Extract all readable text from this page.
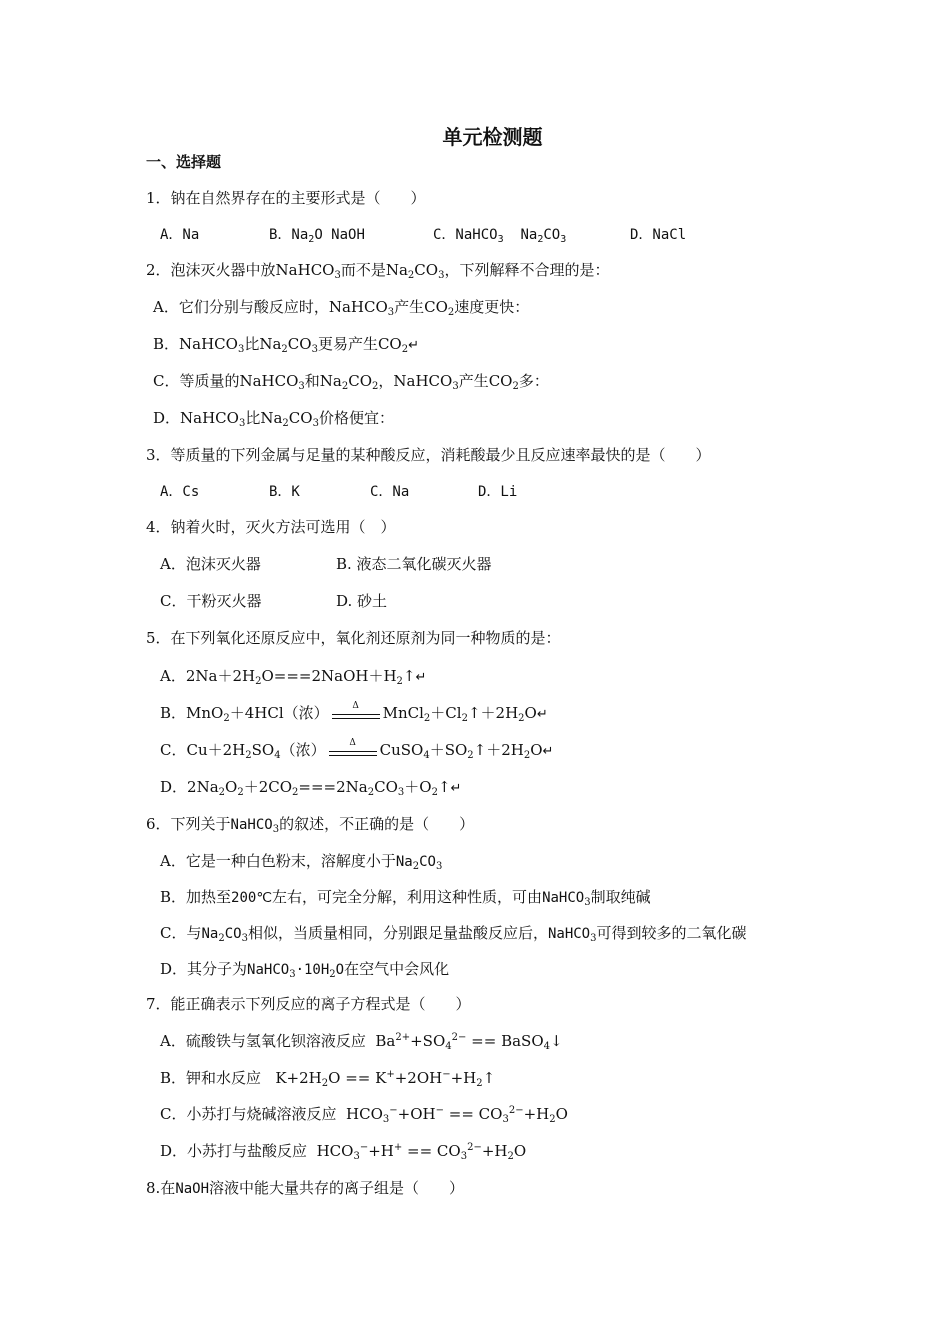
单元检测题
一、选择题
1．钠在自然界存在的主要形式是（　　）
A．Na	B．$Na_2O$ NaOH	C．NaHCO$_3$ $Na_2CO_3$	D．NaCl
2．泡沫灭火器中放NaHCO$_3$而不是$Na_2CO_3$，下列解释不合理的是：
A．它们分别与酸反应时，NaHCO$_3$产生$CO_2$速度更快：
B．NaHCO$_3$比$Na_2CO_3$更易产生$CO_2↵$
C．等质量的NaHCO$_3$和$Na_2CO_2$，NaHCO$_3$产生$CO_2$多：
D．NaHCO$_3$比$Na_2CO_3$价格便宜：
3．等质量的下列金属与足量的某种酸反应，消耗酸最少且反应速率最快的是（　　）
A．Cs	B．K	C．Na	D．Li
4．钠着火时，灭火方法可选用（　）
A．泡沫灭火器	B. 液态二氧化碳灭火器
C．干粉灭火器	D. 砂土
5．在下列氧化还原反应中，氧化剂还原剂为同一种物质的是：
A．$2Na+2H_2O===2NaOH+H_2↑↵$
B．MnO$_2$＋4HCl（浓）	Δ	$MnCl_2+Cl_2↑+2H_2O↵$
C．$Cu+2H_2SO_4$（浓）	Δ	$CuSO_4+SO_2↑+2H_2O↵$
D．$2Na_2O_2+2CO_2===2Na_2CO_3+O_2↑↵$
6．下列关于NaHCO$_3$的叙述，不正确的是（　　）
A．它是一种白色粉末，溶解度小于$Na_2CO_3$
B．加热至200℃左右，可完全分解，利用这种性质，可由NaHCO$_3$制取纯碱
C．与$Na_2CO_3$相似，当质量相同，分别跟足量盐酸反应后，NaHCO$_3$可得到较多的二氧化碳
D．其分子为$NaHCO_3\cdot 10H_2O$在空气中会风化
7．能正确表示下列反应的离子方程式是（　　）
A．硫酸铁与氢氧化钡溶液反应 $Ba^{2+}+SO_4^{2-}$ == BaSO$_4$↓
B．钾和水反应 $K+2H_2O$ == $K^++2OH^-+H_2↑$
C．小苏打与烧碱溶液反应 $HCO_3^-+OH^- == CO_3^{2-}+H_2O$
D．小苏打与盐酸反应 $HCO_3^-+H^+ == CO_3^{2-}+H_2O$
8.在NaOH溶液中能大量共存的离子组是（　　）
